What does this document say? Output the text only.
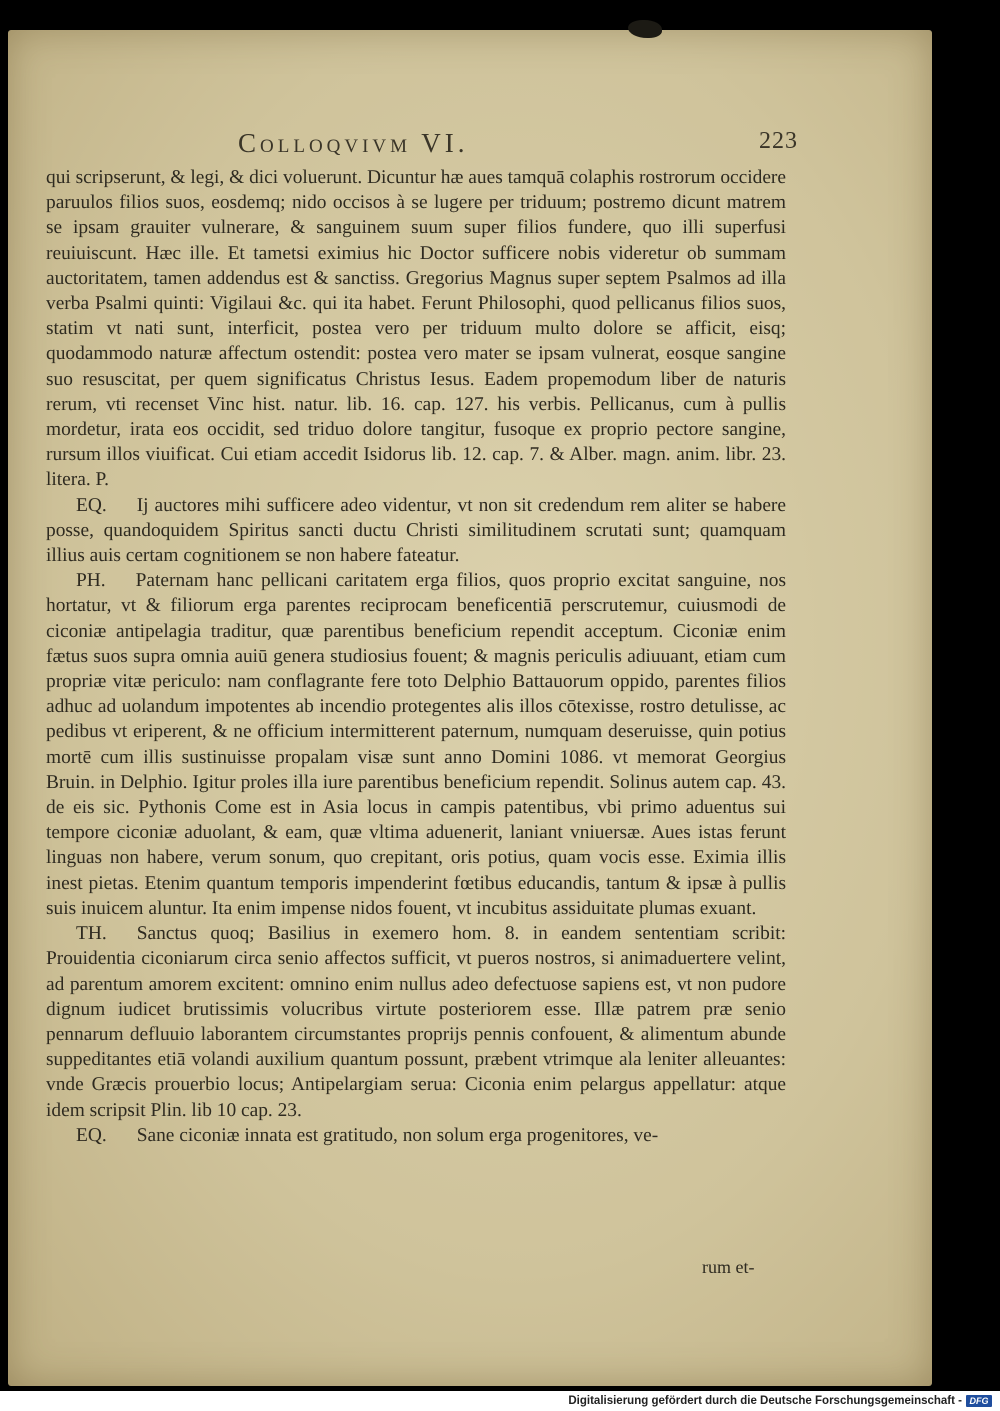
Colloqvivm VI.	223

qui scripserunt, & legi, & dici voluerunt. Dicuntur hæ aues tamquā colaphis rostrorum occidere paruulos filios suos, eosdemq; nido occisos à se lugere per triduum; postremo dicunt matrem se ipsam grauiter vulnerare, & sanguinem suum super filios fundere, quo illi superfusi reuiuiscunt. Hæc ille. Et tametsi eximius hic Doctor sufficere nobis videretur ob summam auctoritatem, tamen addendus est & sanctiss. Gregorius Magnus super septem Psalmos ad illa verba Psalmi quinti: Vigilaui &c. qui ita habet. Ferunt Philosophi, quod pellicanus filios suos, statim vt nati sunt, interficit, postea vero per triduum multo dolore se afficit, eisq; quodammodo naturæ affectum ostendit: postea vero mater se ipsam vulnerat, eosque sangine suo resuscitat, per quem significatus Christus Iesus. Eadem propemodum liber de naturis rerum, vti recenset Vinc hist. natur. lib. 16. cap. 127. his verbis. Pellicanus, cum à pullis mordetur, irata eos occidit, sed triduo dolore tangitur, fusoque ex proprio pectore sangine, rursum illos viuificat. Cui etiam accedit Isidorus lib. 12. cap. 7. & Alber. magn. anim. libr. 23. litera. P.

EQ. Ij auctores mihi sufficere adeo videntur, vt non sit credendum rem aliter se habere posse, quandoquidem Spiritus sancti ductu Christi similitudinem scrutati sunt; quamquam illius auis certam cognitionem se non habere fateatur.

PH. Paternam hanc pellicani caritatem erga filios, quos proprio excitat sanguine, nos hortatur, vt & filiorum erga parentes reciprocam beneficentiā perscrutemur, cuiusmodi de ciconiæ antipelagia traditur, quæ parentibus beneficium rependit acceptum. Ciconiæ enim fætus suos supra omnia auiū genera studiosius fouent; & magnis periculis adiuuant, etiam cum propriæ vitæ periculo: nam conflagrante fere toto Delphio Battauorum oppido, parentes filios adhuc ad uolandum impotentes ab incendio protegentes alis illos cōtexisse, rostro detulisse, ac pedibus vt eriperent, & ne officium intermitterent paternum, numquam deseruisse, quin potius mortē cum illis sustinuisse propalam visæ sunt anno Domini 1086. vt memorat Georgius Bruin. in Delphio. Igitur proles illa iure parentibus beneficium rependit. Solinus autem cap. 43. de eis sic. Pythonis Come est in Asia locus in campis patentibus, vbi primo aduentus sui tempore ciconiæ aduolant, & eam, quæ vltima aduenerit, laniant vniuersæ. Aues istas ferunt linguas non habere, verum sonum, quo crepitant, oris potius, quam vocis esse. Eximia illis inest pietas. Etenim quantum temporis impenderint fœtibus educandis, tantum & ipsæ à pullis suis inuicem aluntur. Ita enim impense nidos fouent, vt incubitus assiduitate plumas exuant.

TH. Sanctus quoq; Basilius in exemero hom. 8. in eandem sententiam scribit: Prouidentia ciconiarum circa senio affectos sufficit, vt pueros nostros, si animaduertere velint, ad parentum amorem excitent: omnino enim nullus adeo defectuose sapiens est, vt non pudore dignum iudicet brutissimis volucribus virtute posteriorem esse. Illæ patrem præ senio pennarum defluuio laborantem circumstantes proprijs pennis confouent, & alimentum abunde suppeditantes etiā volandi auxilium quantum possunt, præbent vtrimque ala leniter alleuantes: vnde Græcis prouerbio locus; Antipelargiam serua: Ciconia enim pelargus appellatur: atque idem scripsit Plin. lib 10 cap. 23.

EQ. Sane ciconiæ innata est gratitudo, non solum erga progenitores, ve-

rum et-
Digitalisierung gefördert durch die Deutsche Forschungsgemeinschaft - DFG
